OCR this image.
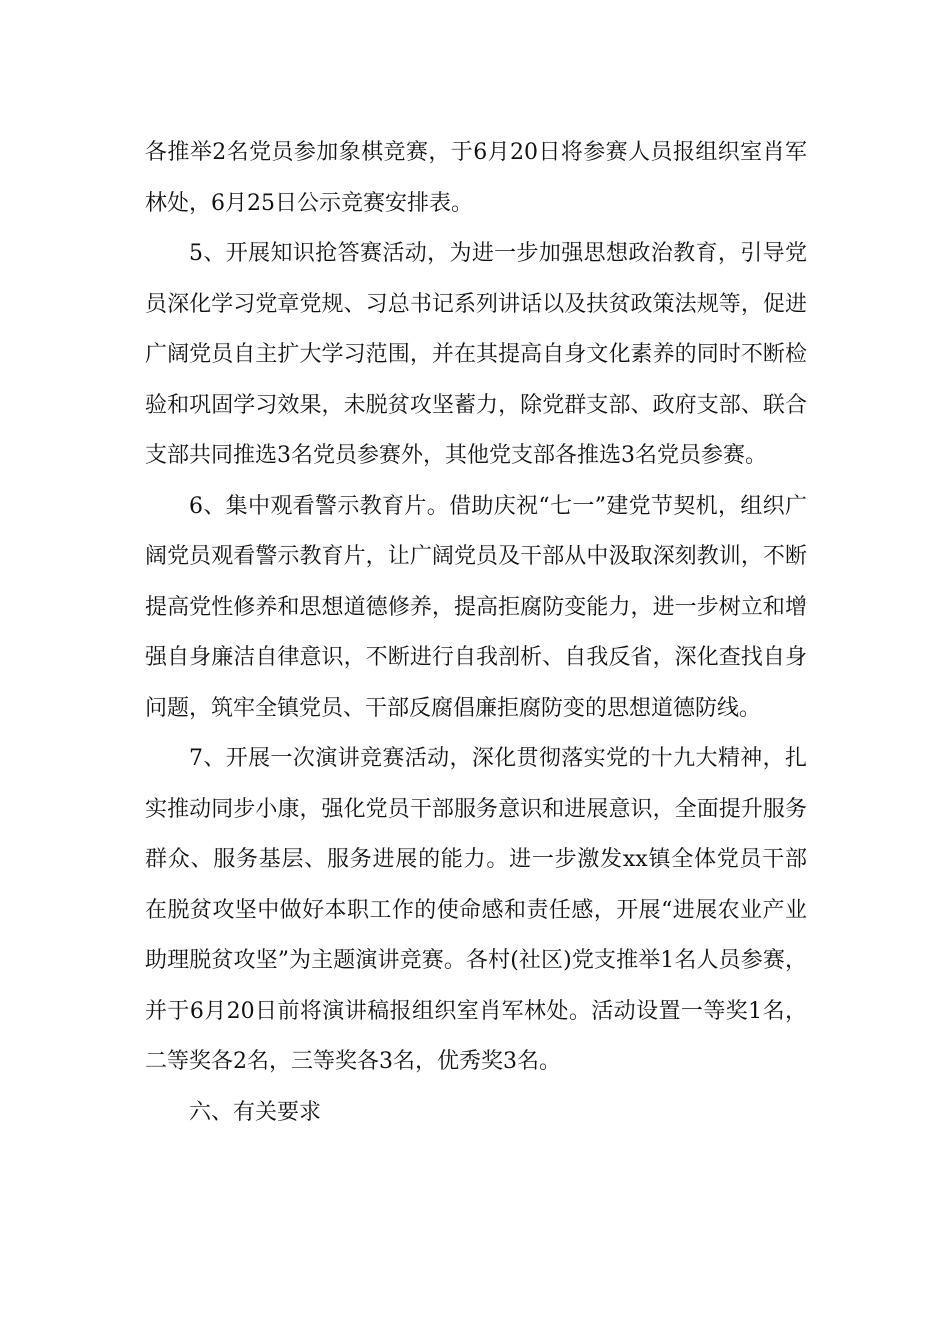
各推举2名党员参加象棋竞赛，于6月20日将参赛人员报组织室肖军林处，6月25日公示竞赛安排表。

5、开展知识抢答赛活动，为进一步加强思想政治教育，引导党员深化学习党章党规、习总书记系列讲话以及扶贫政策法规等，促进广阔党员自主扩大学习范围，并在其提高自身文化素养的同时不断检验和巩固学习效果，未脱贫攻坚蓄力，除党群支部、政府支部、联合支部共同推选3名党员参赛外，其他党支部各推选3名党员参赛。

6、集中观看警示教育片。借助庆祝“七一”建党节契机，组织广阔党员观看警示教育片，让广阔党员及干部从中汲取深刻教训，不断提高党性修养和思想道德修养，提高拒腐防变能力，进一步树立和增强自身廉洁自律意识，不断进行自我剖析、自我反省，深化查找自身问题，筑牢全镇党员、干部反腐倡廉拒腐防变的思想道德防线。

7、开展一次演讲竞赛活动，深化贯彻落实党的十九大精神，扎实推动同步小康，强化党员干部服务意识和进展意识，全面提升服务群众、服务基层、服务进展的能力。进一步激发xx镇全体党员干部在脱贫攻坚中做好本职工作的使命感和责任感，开展“进展农业产业助理脱贫攻坚”为主题演讲竞赛。各村(社区)党支推举1名人员参赛，并于6月20日前将演讲稿报组织室肖军林处。活动设置一等奖1名，二等奖各2名，三等奖各3名，优秀奖3名。

六、有关要求
